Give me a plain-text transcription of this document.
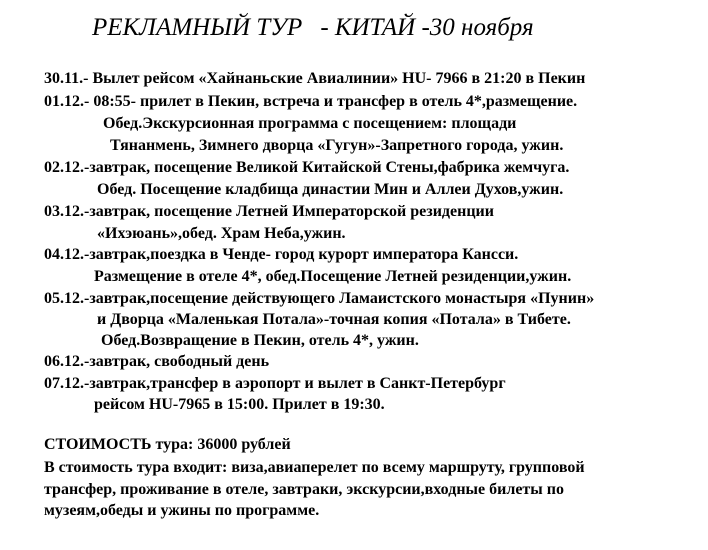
РЕКЛАМНЫЙ ТУР - КИТАЙ -30 ноября
30.11.- Вылет рейсом «Хайнаньские Авиалинии» HU- 7966 в 21:20 в Пекин
01.12.- 08:55- прилет в Пекин, встреча и трансфер в отель 4*,размещение.
Обед.Экскурсионная программа с посещением: площади
Тянанмень, Зимнего дворца «Гугун»-Запретного города, ужин.
02.12.-завтрак, посещение Великой Китайской Стены,фабрика жемчуга.
Обед. Посещение кладбища династии Мин и Аллеи Духов,ужин.
03.12.-завтрак, посещение Летней Императорской резиденции
«Ихэюань»,обед. Храм Неба,ужин.
04.12.-завтрак,поездка в Ченде- город курорт императора Кансси.
Размещение в отеле 4*, обед.Посещение Летней резиденции,ужин.
05.12.-завтрак,посещение действующего Ламаистского монастыря «Пунин»
и Дворца «Маленькая Потала»-точная копия «Потала» в Тибете.
Обед.Возвращение в Пекин, отель 4*, ужин.
06.12.-завтрак, свободный день
07.12.-завтрак,трансфер в аэропорт и вылет в Санкт-Петербург
рейсом HU-7965 в 15:00. Прилет в 19:30.
СТОИМОСТЬ тура: 36000 рублей
В стоимость тура входит: виза,авиаперелет по всему маршруту, групповой
трансфер, проживание в отеле, завтраки, экскурсии,входные билеты по
музеям,обеды и ужины по программе.
